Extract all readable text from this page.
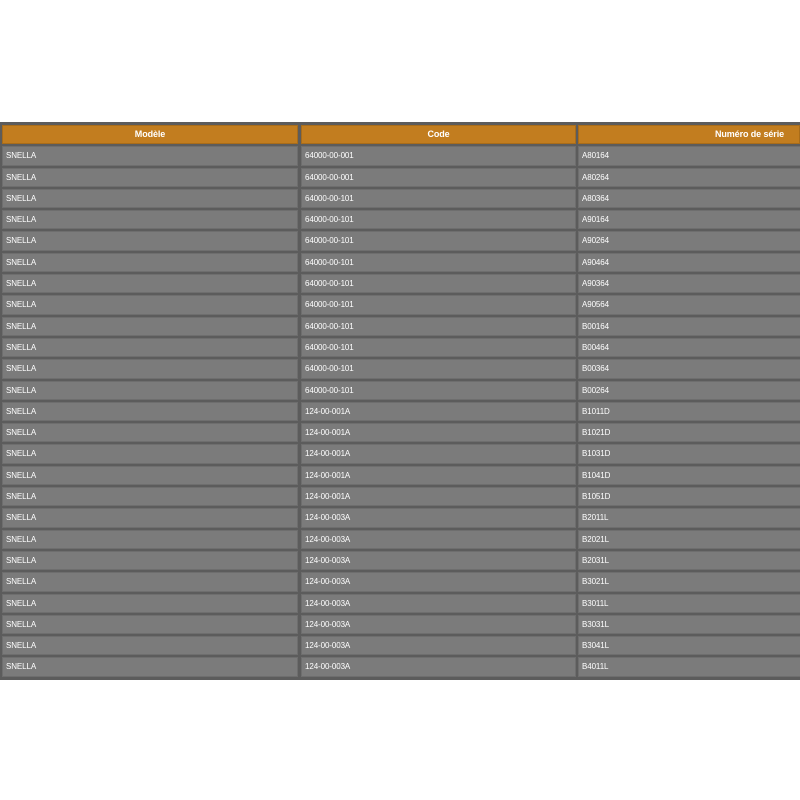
Modèle	Code	Numéro de série
SNELLA	64000-00-001	A80164
SNELLA	64000-00-001	A80264
SNELLA	64000-00-101	A80364
SNELLA	64000-00-101	A90164
SNELLA	64000-00-101	A90264
SNELLA	64000-00-101	A90464
SNELLA	64000-00-101	A90364
SNELLA	64000-00-101	A90564
SNELLA	64000-00-101	B00164
SNELLA	64000-00-101	B00464
SNELLA	64000-00-101	B00364
SNELLA	64000-00-101	B00264
SNELLA	124-00-001A	B1011D
SNELLA	124-00-001A	B1021D
SNELLA	124-00-001A	B1031D
SNELLA	124-00-001A	B1041D
SNELLA	124-00-001A	B1051D
SNELLA	124-00-003A	B2011L
SNELLA	124-00-003A	B2021L
SNELLA	124-00-003A	B2031L
SNELLA	124-00-003A	B3021L
SNELLA	124-00-003A	B3011L
SNELLA	124-00-003A	B3031L
SNELLA	124-00-003A	B3041L
SNELLA	124-00-003A	B4011L
